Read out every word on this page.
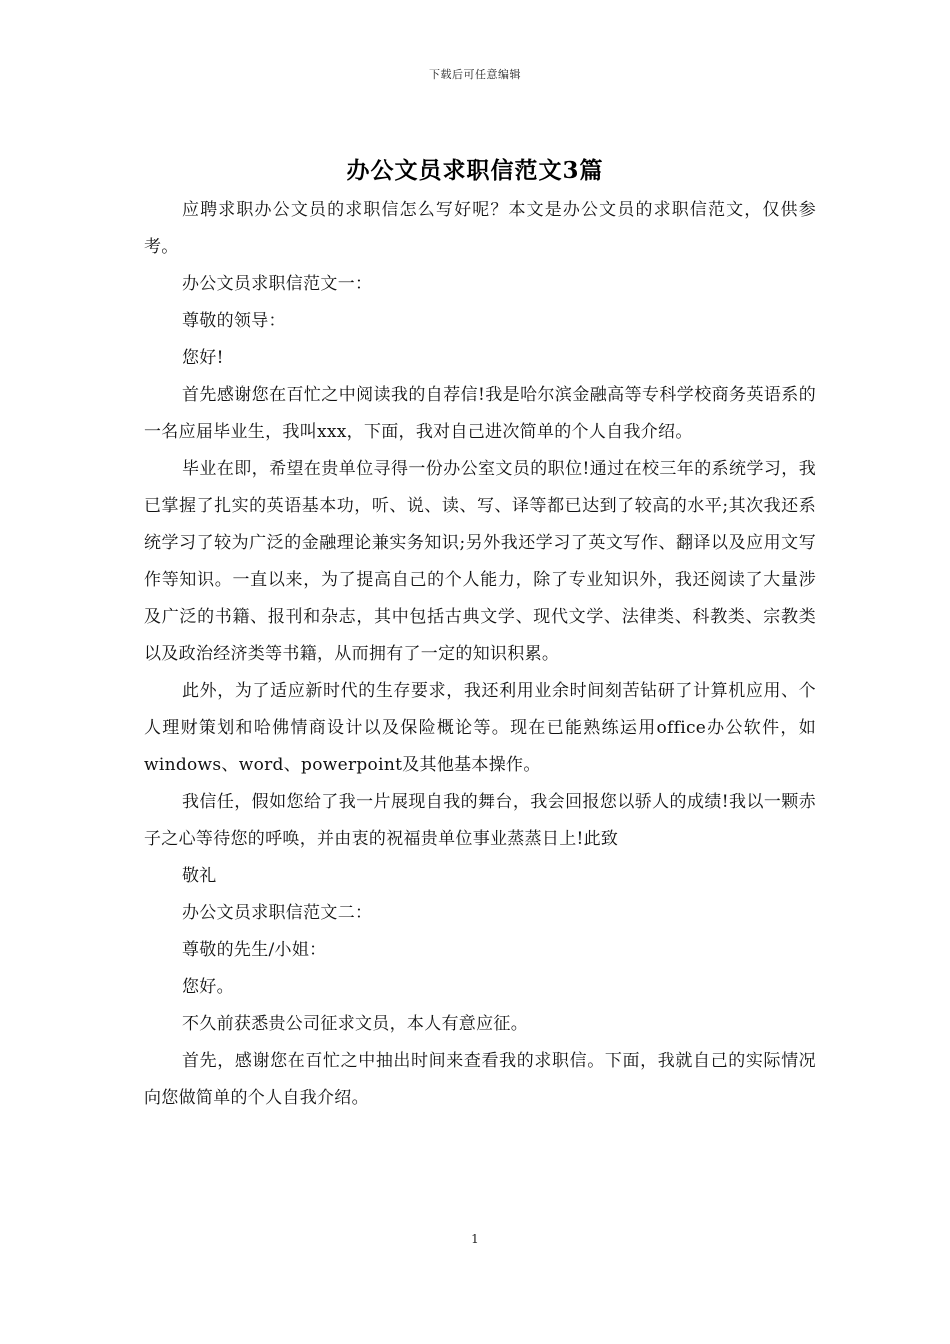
下载后可任意编辑
办公文员求职信范文3篇

应聘求职办公文员的求职信怎么写好呢？本文是办公文员的求职信范文，仅供参考。

办公文员求职信范文一：

尊敬的领导：

您好!

首先感谢您在百忙之中阅读我的自荐信!我是哈尔滨金融高等专科学校商务英语系的一名应届毕业生，我叫xxx，下面，我对自己进次简单的个人自我介绍。

毕业在即，希望在贵单位寻得一份办公室文员的职位!通过在校三年的系统学习，我已掌握了扎实的英语基本功，听、说、读、写、译等都已达到了较高的水平;其次我还系统学习了较为广泛的金融理论兼实务知识;另外我还学习了英文写作、翻译以及应用文写作等知识。一直以来，为了提高自己的个人能力，除了专业知识外，我还阅读了大量涉及广泛的书籍、报刊和杂志，其中包括古典文学、现代文学、法律类、科教类、宗教类以及政治经济类等书籍，从而拥有了一定的知识积累。

此外，为了适应新时代的生存要求，我还利用业余时间刻苦钻研了计算机应用、个人理财策划和哈佛情商设计以及保险概论等。现在已能熟练运用office办公软件，如windows、word、powerpoint及其他基本操作。

我信任，假如您给了我一片展现自我的舞台，我会回报您以骄人的成绩!我以一颗赤子之心等待您的呼唤，并由衷的祝福贵单位事业蒸蒸日上!此致

敬礼

办公文员求职信范文二：

尊敬的先生/小姐：

您好。

不久前获悉贵公司征求文员，本人有意应征。

首先，感谢您在百忙之中抽出时间来查看我的求职信。下面，我就自己的实际情况向您做简单的个人自我介绍。

1
